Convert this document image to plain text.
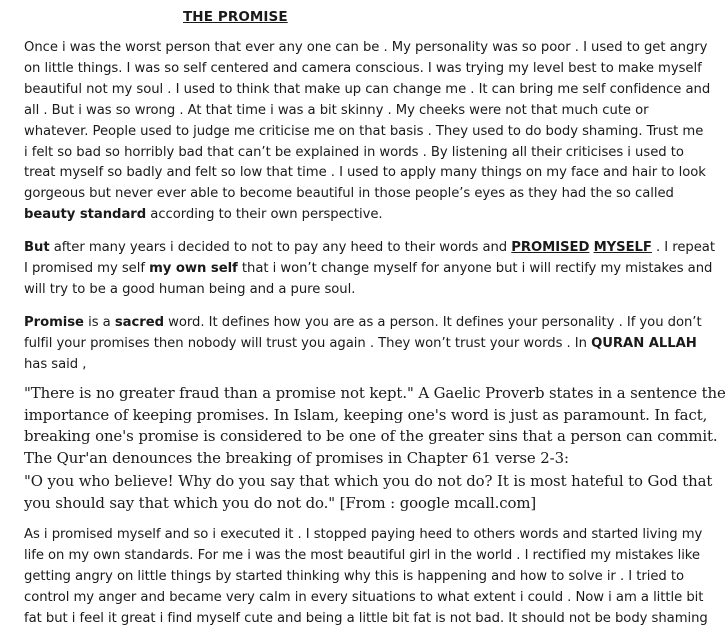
THE PROMISE
Once i was the worst person that ever any one can be . My personality was so poor . I used to get angry
on little things. I was so self centered and camera conscious. I was trying my level best to make myself
beautiful not my soul . I used to think that make up can change me . It can bring me self confidence and
all . But i was so wrong . At that time i was a bit skinny . My cheeks were not that much cute or
whatever. People used to judge me criticise me on that basis . They used to do body shaming. Trust me
i felt so bad so horribly bad that can’t be explained in words . By listening all their criticises i used to
treat myself so badly and felt so low that time . I used to apply many things on my face and hair to look
gorgeous but never ever able to become beautiful in those people’s eyes as they had the so called
beauty standard according to their own perspective.
But after many years i decided to not to pay any heed to their words and PROMISED MYSELF . I repeat
I promised my self my own self that i won’t change myself for anyone but i will rectify my mistakes and
will try to be a good human being and a pure soul.
Promise is a sacred word. It defines how you are as a person. It defines your personality . If you don’t
fulfil your promises then nobody will trust you again . They won’t trust your words . In QURAN ALLAH
has said ,
"There is no greater fraud than a promise not kept." A Gaelic Proverb states in a sentence the
importance of keeping promises. In Islam, keeping one's word is just as paramount. In fact,
breaking one's promise is considered to be one of the greater sins that a person can commit.
The Qur'an denounces the breaking of promises in Chapter 61 verse 2-3:
"O you who believe! Why do you say that which you do not do? It is most hateful to God that
you should say that which you do not do." [From : google mcall.com]
As i promised myself and so i executed it . I stopped paying heed to others words and started living my
life on my own standards. For me i was the most beautiful girl in the world . I rectified my mistakes like
getting angry on little things by started thinking why this is happening and how to solve ir . I tried to
control my anger and became very calm in every situations to what extent i could . Now i am a little bit
fat but i feel it great i find myself cute and being a little bit fat is not bad. It should not be body shaming
